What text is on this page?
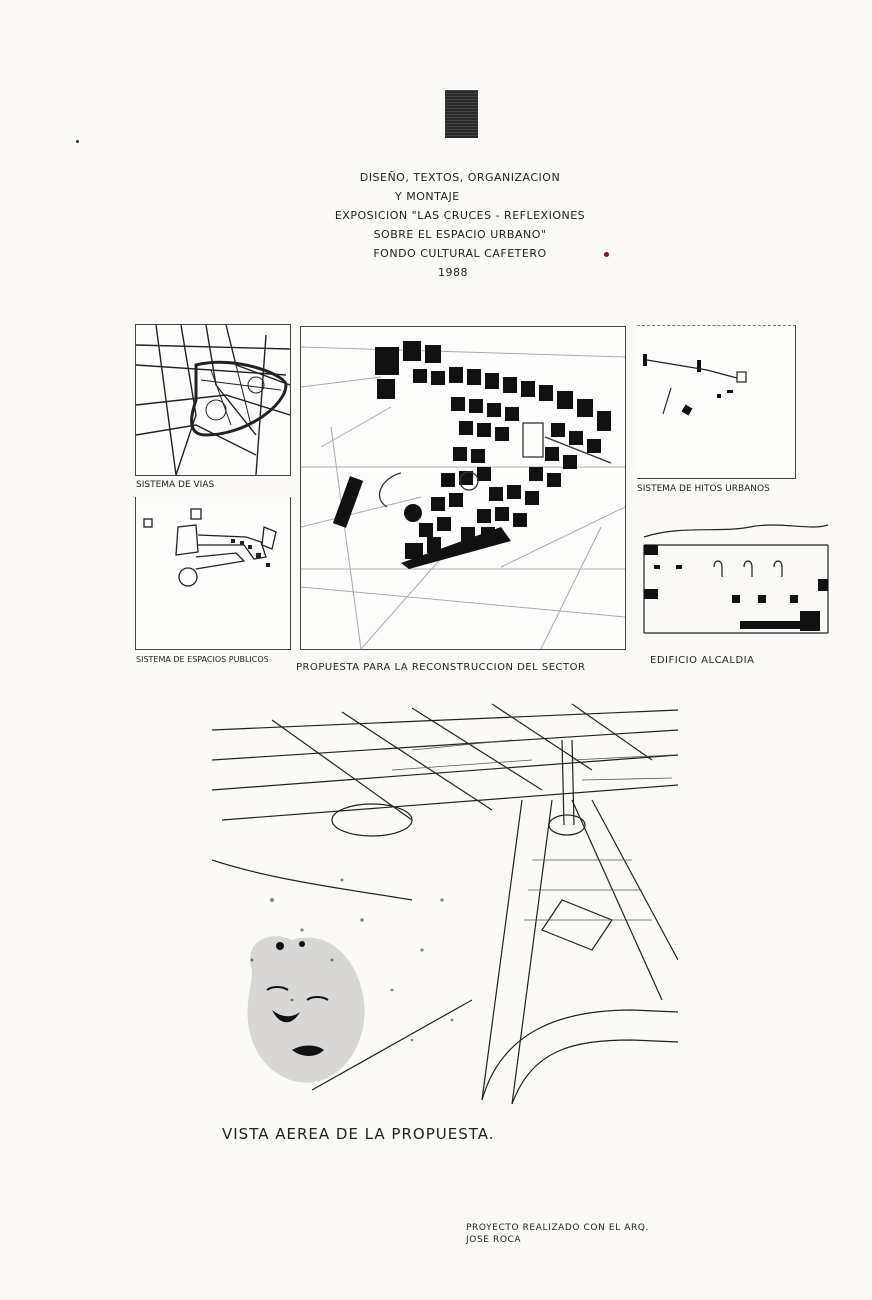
DISEÑO, TEXTOS, ORGANIZACION
Y MONTAJE
EXPOSICION "LAS CRUCES - REFLEXIONES
SOBRE EL ESPACIO URBANO"
FONDO CULTURAL CAFETERO
1988
SISTEMA DE VIAS
SISTEMA DE ESPACIOS PUBLICOS
PROPUESTA PARA LA RECONSTRUCCION DEL SECTOR
SISTEMA DE HITOS URBANOS
EDIFICIO ALCALDIA
VISTA AEREA DE LA PROPUESTA.
PROYECTO REALIZADO CON EL ARQ.
JOSE ROCA
